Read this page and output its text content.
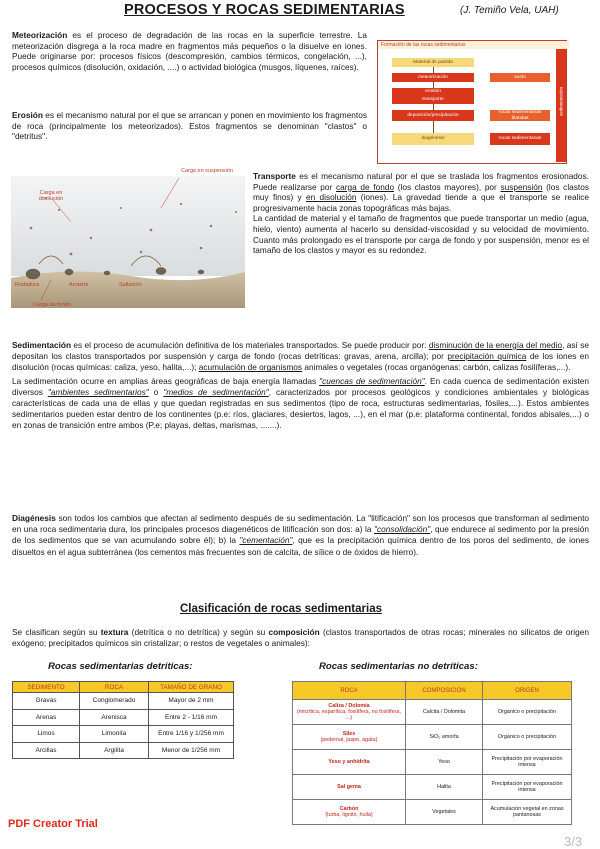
PROCESOS Y ROCAS SEDIMENTARIAS	(J. Temiño Vela, UAH)

Meteorización es el proceso de degradación de las rocas en la superficie terrestre. La meteorización disgrega a la roca madre en fragmentos más pequeños o la disuelve en iones. Puede originarse por: procesos físicos (descompresión, cambios térmicos, congelación, ...), procesos químicos (disolución, oxidación, ....) o actividad biológica (musgos, líquenes, raíces).

Erosión es el mecanismo natural por el que se arrancan y ponen en movimiento los fragmentos de roca (principalmente los meteorizados). Estos fragmentos se denominan "clastos" o "detritus".

Formación de las rocas sedimentarias
Material de partida
meteorización	suelo
erosión
transporte
deposición/precipitación
rocas sedimentarias blandas
diagénesis	rocas sedimentarias
sedimentación
Carga en suspensión
Carga en disolución
Rodadura	Arrastre	Saltación
Carga de fondo

Transporte es el mecanismo natural por el que se traslada los fragmentos erosionados. Puede realizarse por carga de fondo (los clastos mayores), por suspensión (los clastos muy finos) y en disolución (iones). La gravedad tiende a que el transporte se realice progresivamente hacia zonas topográficas más bajas.

La cantidad de material y el tamaño de fragmentos que puede transportar un medio (agua, hielo, viento) aumenta al hacerlo su densidad-viscosidad y su velocidad de movimiento. Cuanto más prolongado es el transporte por carga de fondo y por suspensión, menor es el tamaño de los clastos y mayor es su redondez.

Sedimentación es el proceso de acumulación definitiva de los materiales transportados. Se puede producir por: disminución de la energía del medio, así se depositan los clastos transportados por suspensión y carga de fondo (rocas detríticas: gravas, arena, arcilla); por precipitación química de los iones en disolución (rocas químicas: caliza, yeso, halita,...); acumulación de organismos animales o vegetales (rocas organógenas: carbón, calizas fosilíferas,...).

La sedimentación ocurre en amplias áreas geográficas de baja energía llamadas "cuencas de sedimentación". En cada cuenca de sedimentación existen diversos "ambientes sedimentarios" o "medios de sedimentación", caracterizados por procesos geológicos y condiciones ambientales y biológicas características de cada una de ellas y que quedan registradas en sus sedimentos (tipo de roca, estructuras sedimentarias, fósiles,...). Estos ambientes sedimentarios pueden estar dentro de los continentes (p.e: ríos, glaciares, desiertos, lagos, ...), en el mar (p.e: plataforma continental, fondos abisales,...) o en zonas de transición entre ambos (P.e; playas, deltas, marismas, .......).

Diagénesis son todos los cambios que afectan al sedimento después de su sedimentación. La "litificación" son los procesos que transforman al sedimento en una roca sedimentaria dura, los principales procesos diagenéticos de litificación son dos: a) la "consolidación", que endurece al sedimento por la presión de los sedimentos que se van acumulando sobre él); b) la "cementación", que es la precipitación química dentro de los poros del sedimento, de iones disueltos en el agua subterránea (los cementos más frecuentes son de calcita, de sílice o de óxidos de hierro).

Clasificación de rocas sedimentarias

Se clasifican según su textura (detrítica o no detrítica) y según su composición (clastos transportados de otras rocas; minerales no silicatos de origen exógeno; precipitados químicos sin cristalizar; o restos de vegetales o animales):

Rocas sedimentarias detríticas:	Rocas sedimentarias no detríticas:
SEDIMENTO	ROCA	TAMAÑO DE GRANO
Gravas	Conglomerado	Mayor de 2 mm
Arenas	Arenisca	Entre 2 - 1/16 mm
Limos	Limonita	Entre 1/16 y 1/256 mm
Arcillas	Argilita	Menor de 1/256 mm
ROCA	COMPOSICIÓN	ORIGEN

Caliza / Dolomía
(micrítica, esparítica, fosilífera, no fosilífera, ...)	Calcita / Dolomita	Orgánico o precipitación

Sílex
(pedernal, jaspe, ágata)	SiO₂ amorfa	Orgánico o precipitación

Yeso y anhidrita	Yeso	Precipitación por evaporación intensa

Sal gema	Halita	Precipitación por evaporación intensa

Carbón
(turba, lignito, hulla)	Vegetales	Acumulación vegetal en zonas pantanosas
PDF Creator Trial
3/3
